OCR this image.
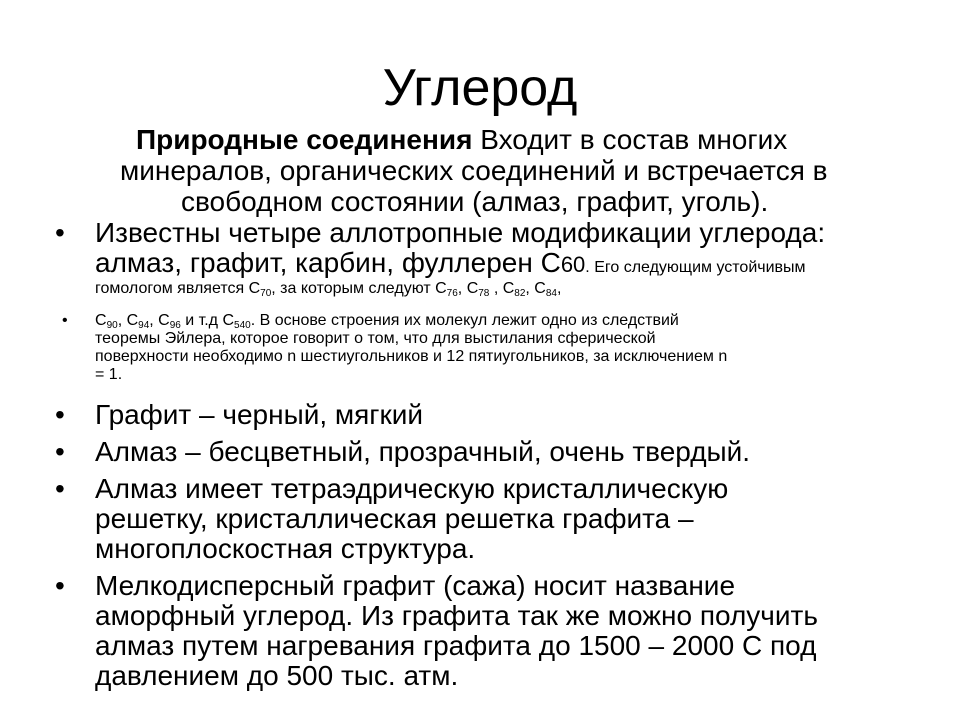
Углерод
Природные соединения Входит в состав многих
минералов, органических соединений и встречается в
свободном состоянии (алмаз, графит, уголь).
• Известны четыре аллотропные модификации углерода:
алмаз, графит, карбин, фуллерен С60. Его следующим устойчивым
гомологом является $С_{70}$, за которым следуют $С_{76}$, $С_{78}$ , $С_{82}$, $С_{84}$,
• $С_{90}$, $С_{94}$, $С_{96}$ и т.д $С_{540}$. В основе строения их молекул лежит одно из следствий
теоремы Эйлера, которое говорит о том, что для выстилания сферической
поверхности необходимо n шестиугольников и 12 пятиугольников, за исключением n
= 1.
• Графит – черный, мягкий
• Алмаз – бесцветный, прозрачный, очень твердый.
• Алмаз имеет тетраэдрическую кристаллическую
решетку, кристаллическая решетка графита –
многоплоскостная структура.
• Мелкодисперсный графит (сажа) носит название
аморфный углерод. Из графита так же можно получить
алмаз путем нагревания графита до 1500 – 2000 С под
давлением до 500 тыс. атм.
